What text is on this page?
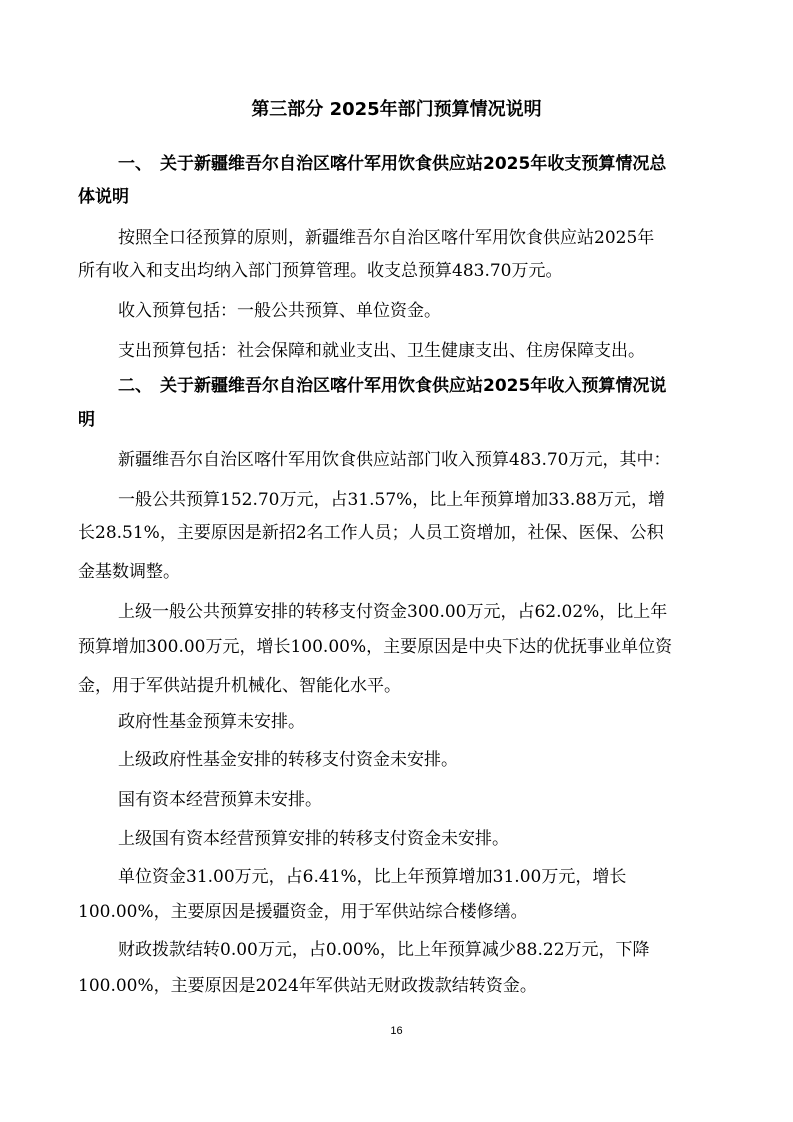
第三部分 2025年部门预算情况说明
一、 关于新疆维吾尔自治区喀什军用饮食供应站2025年收支预算情况总
体说明
按照全口径预算的原则，新疆维吾尔自治区喀什军用饮食供应站2025年
所有收入和支出均纳入部门预算管理。收支总预算483.70万元。
收入预算包括：一般公共预算、单位资金。
支出预算包括：社会保障和就业支出、卫生健康支出、住房保障支出。
二、 关于新疆维吾尔自治区喀什军用饮食供应站2025年收入预算情况说
明
新疆维吾尔自治区喀什军用饮食供应站部门收入预算483.70万元，其中：
一般公共预算152.70万元，占31.57%，比上年预算增加33.88万元，增
长28.51%，主要原因是新招2名工作人员；人员工资增加，社保、医保、公积
金基数调整。
上级一般公共预算安排的转移支付资金300.00万元，占62.02%，比上年
预算增加300.00万元，增长100.00%，主要原因是中央下达的优抚事业单位资
金，用于军供站提升机械化、智能化水平。
政府性基金预算未安排。
上级政府性基金安排的转移支付资金未安排。
国有资本经营预算未安排。
上级国有资本经营预算安排的转移支付资金未安排。
单位资金31.00万元，占6.41%，比上年预算增加31.00万元，增长
100.00%，主要原因是援疆资金，用于军供站综合楼修缮。
财政拨款结转0.00万元，占0.00%，比上年预算减少88.22万元，下降
100.00%，主要原因是2024年军供站无财政拨款结转资金。
16
